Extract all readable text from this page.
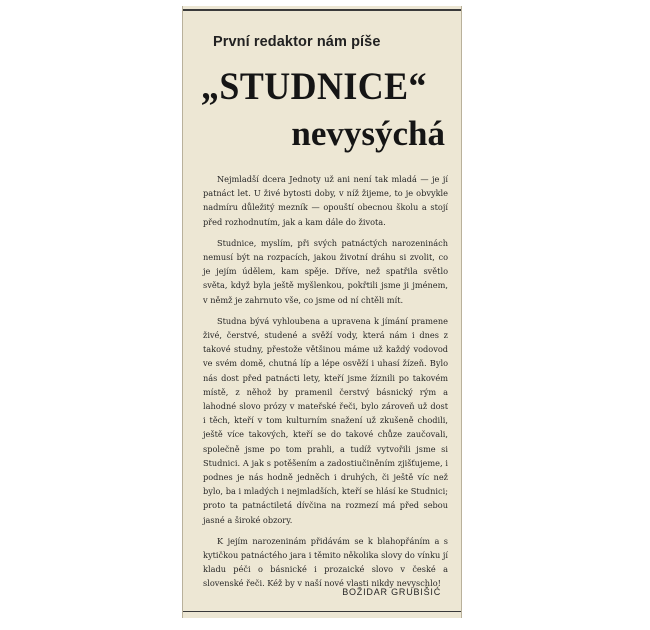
První redaktor nám píše
„STUDNICE“
nevysýchá

Nejmladší dcera Jednoty už ani není tak mladá — je jí patnáct let. U živé bytosti doby, v níž žijeme, to je obvykle nadmíru důležitý mezník — opouští obecnou školu a stojí před rozhodnutím, jak a kam dále do života.

Studnice, myslím, při svých patnáctých narozeninách nemusí být na rozpacích, jakou životní dráhu si zvolit, co je jejím údělem, kam spěje. Dříve, než spatřila světlo světa, když byla ještě myšlenkou, pokřtili jsme ji jménem, v němž je zahrnuto vše, co jsme od ní chtěli mít.

Studna bývá vyhloubena a upravena k jímání pramene živé, čerstvé, studené a svěží vody, která nám i dnes z takové studny, přestože většinou máme už každý vodovod ve svém domě, chutná líp a lépe osvěží i uhasí žízeň. Bylo nás dost před patnácti lety, kteří jsme žíznili po takovém místě, z něhož by pramenil čerstvý básnický rým a lahodné slovo prózy v mateřské řeči, bylo zároveň už dost i těch, kteří v tom kulturním snažení už zkušeně chodili, ještě více takových, kteří se do takové chůze zaučovali, společně jsme po tom prahli, a tudíž vytvořili jsme si Studnici. A jak s potěšením a zadostiučiněním zjišťujeme, i podnes je nás hodně jedněch i druhých, či ještě víc než bylo, ba i mladých i nejmladších, kteří se hlásí ke Studnici; proto ta patnáctiletá dívčina na rozmezí má před sebou jasné a široké obzory.

K jejím narozeninám přidávám se k blahopřáním a s kytičkou patnáctého jara i těmito několika slovy do vínku jí kladu péči o básnické i prozaické slovo v české a slovenské řeči. Kéž by v naší nové vlasti nikdy nevyschlo!

BOŽIDAR GRUBIŠIĆ
